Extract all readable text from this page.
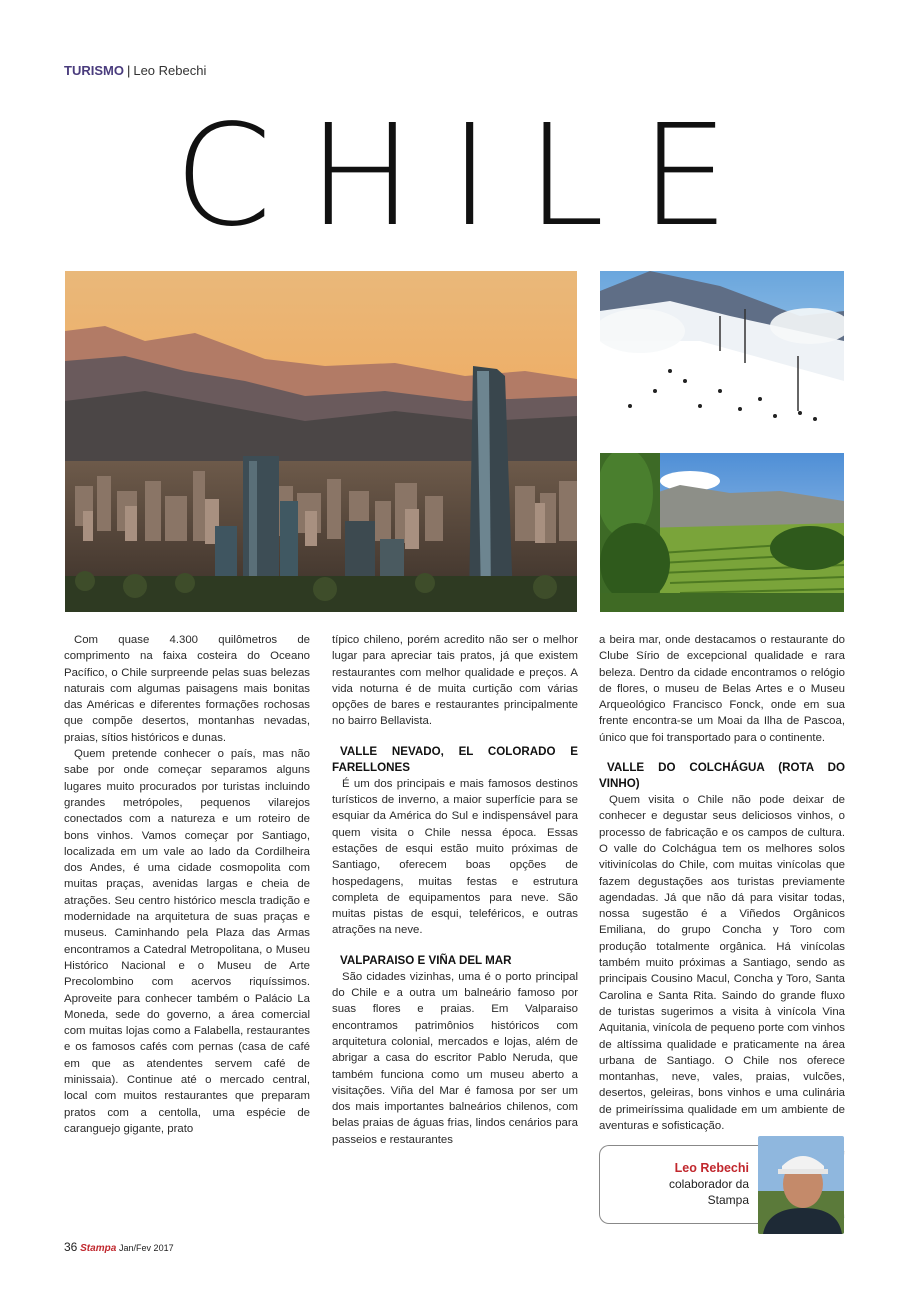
TURISMO | Leo Rebechi
CHILE

Com quase 4.300 quilômetros de comprimento na faixa costeira do Oceano Pacífico, o Chile surpreende pelas suas belezas naturais com algumas paisagens mais bonitas das Américas e diferentes formações rochosas que compõe desertos, montanhas nevadas, praias, sítios históricos e dunas.

Quem pretende conhecer o país, mas não sabe por onde começar separamos alguns lugares muito procurados por turistas incluindo grandes metrópoles, pequenos vilarejos conectados com a natureza e um roteiro de bons vinhos. Vamos começar por Santiago, localizada em um vale ao lado da Cordilheira dos Andes, é uma cidade cosmopolita com muitas praças, avenidas largas e cheia de atrações. Seu centro histórico mescla tradição e modernidade na arquitetura de suas praças e museus. Caminhando pela Plaza das Armas encontramos a Catedral Metropolitana, o Museu Histórico Nacional e o Museu de Arte Precolombino com acervos riquíssimos. Aproveite para conhecer também o Palácio La Moneda, sede do governo, a área comercial com muitas lojas como a Falabella, restaurantes e os famosos cafés com pernas (casa de café em que as atendentes servem café de minissaia). Continue até o mercado central, local com muitos restaurantes que preparam pratos com a centolla, uma espécie de caranguejo gigante, prato

típico chileno, porém acredito não ser o melhor lugar para apreciar tais pratos, já que existem restaurantes com melhor qualidade e preços. A vida noturna é de muita curtição com várias opções de bares e restaurantes principalmente no bairro Bellavista.

VALLE NEVADO, EL COLORADO E FARELLONES

É um dos principais e mais famosos destinos turísticos de inverno, a maior superfície para se esquiar da América do Sul e indispensável para quem visita o Chile nessa época. Essas estações de esqui estão muito próximas de Santiago, oferecem boas opções de hospedagens, muitas festas e estrutura completa de equipamentos para neve. São muitas pistas de esqui, teleféricos, e outras atrações na neve.

VALPARAISO E VIÑA DEL MAR

São cidades vizinhas, uma é o porto principal do Chile e a outra um balneário famoso por suas flores e praias. Em Valparaiso encontramos patrimônios históricos com arquitetura colonial, mercados e lojas, além de abrigar a casa do escritor Pablo Neruda, que também funciona como um museu aberto a visitações. Viña del Mar é famosa por ser um dos mais importantes balneários chilenos, com belas praias de águas frias, lindos cenários para passeios e restaurantes

a beira mar, onde destacamos o restaurante do Clube Sírio de excepcional qualidade e rara beleza. Dentro da cidade encontramos o relógio de flores, o museu de Belas Artes e o Museu Arqueológico Francisco Fonck, onde em sua frente encontra-se um Moai da Ilha de Pascoa, único que foi transportado para o continente.

VALLE DO COLCHÁGUA (ROTA DO VINHO)

Quem visita o Chile não pode deixar de conhecer e degustar seus deliciosos vinhos, o processo de fabricação e os campos de cultura. O valle do Colchágua tem os melhores solos vitivinícolas do Chile, com muitas vinícolas que fazem degustações aos turistas previamente agendadas. Já que não dá para visitar todas, nossa sugestão é a Viñedos Orgânicos Emiliana, do grupo Concha y Toro com produção totalmente orgânica. Há vinícolas também muito próximas a Santiago, sendo as principais Cousino Macul, Concha y Toro, Santa Carolina e Santa Rita. Saindo do grande fluxo de turistas sugerimos a visita à vinícola Vina Aquitania, vinícola de pequeno porte com vinhos de altíssima qualidade e praticamente na área urbana de Santiago. O Chile nos oferece montanhas, neve, vales, praias, vulcões, desertos, geleiras, bons vinhos e uma culinária de primeiríssima qualidade em um ambiente de aventuras e sofisticação.

Leo Rebechi
colaborador da
Stampa
36 Stampa Jan/Fev 2017
